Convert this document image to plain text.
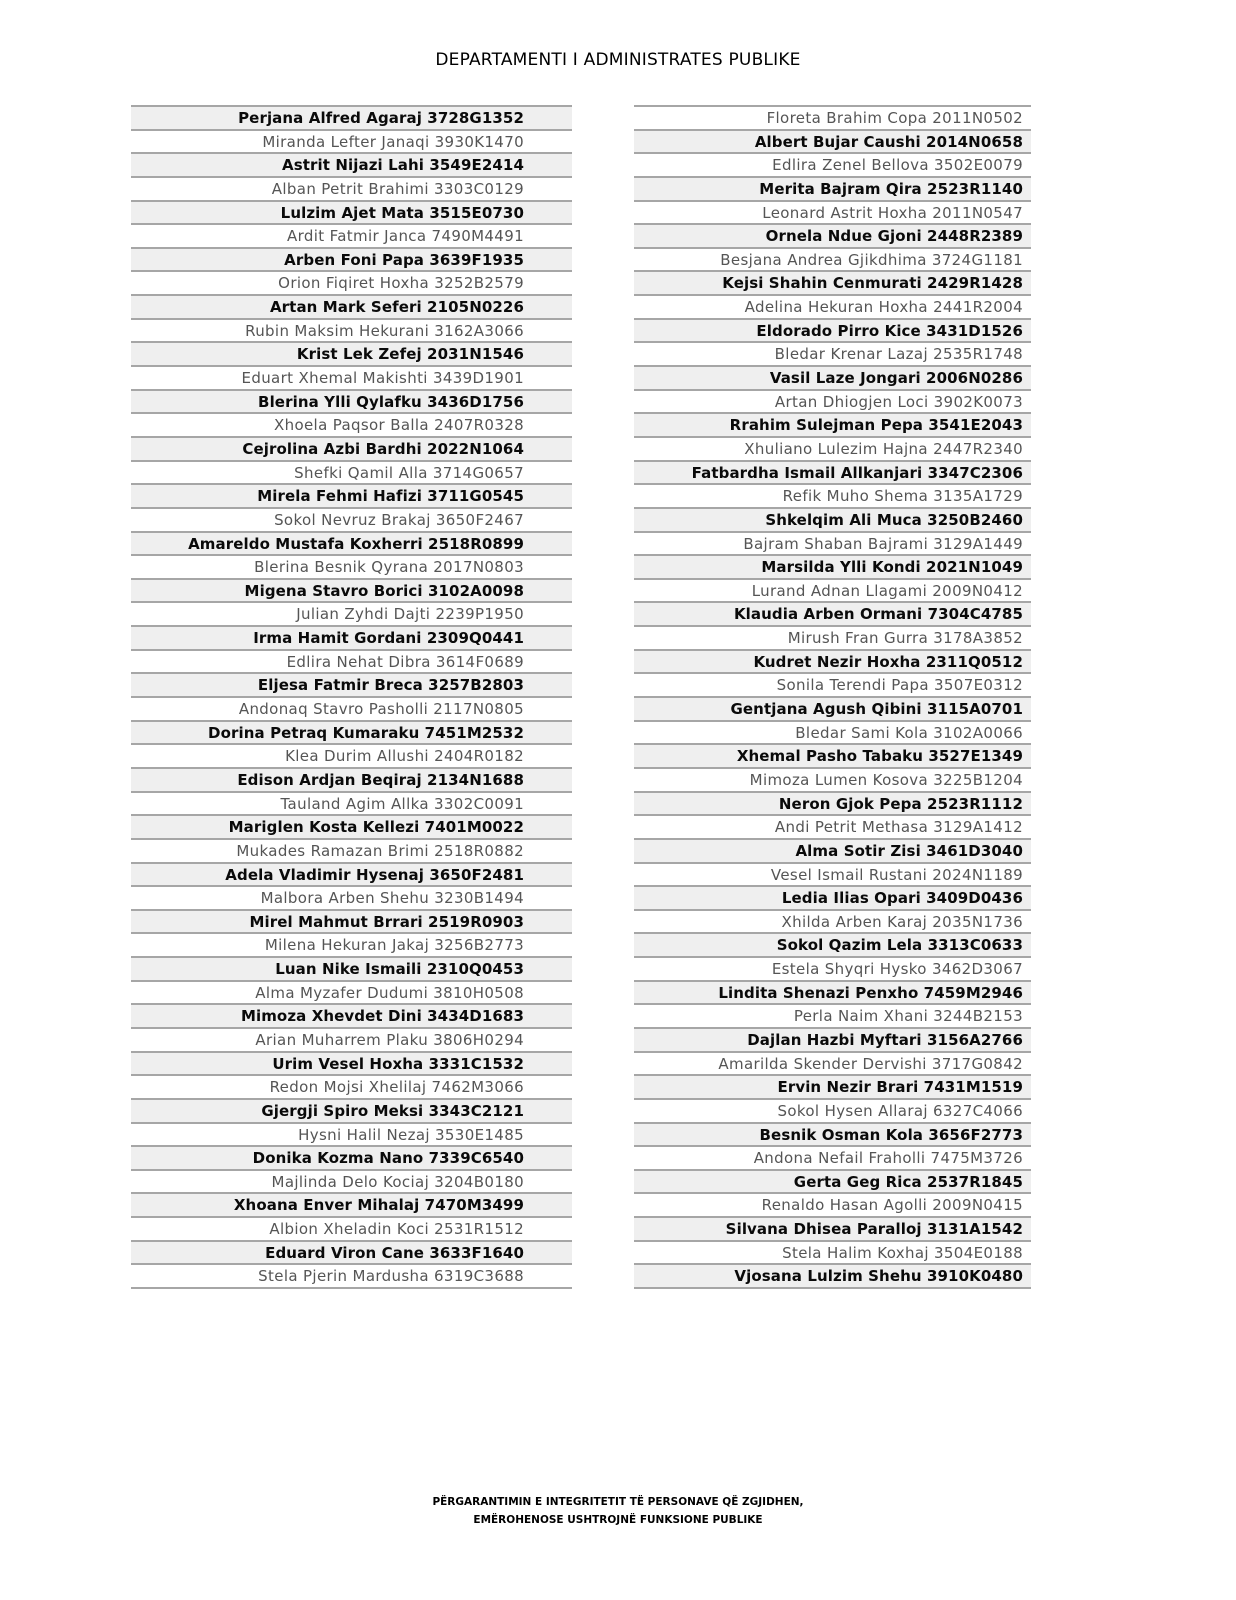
DEPARTAMENTI I ADMINISTRATES PUBLIKE
Perjana Alfred Agaraj 3728G1352
Miranda Lefter Janaqi 3930K1470
Astrit Nijazi Lahi 3549E2414
Alban Petrit Brahimi 3303C0129
Lulzim Ajet Mata 3515E0730
Ardit Fatmir Janca 7490M4491
Arben Foni Papa 3639F1935
Orion Fiqiret Hoxha 3252B2579
Artan Mark Seferi 2105N0226
Rubin Maksim Hekurani 3162A3066
Krist Lek Zefej 2031N1546
Eduart Xhemal Makishti 3439D1901
Blerina Ylli Qylafku 3436D1756
Xhoela Paqsor Balla 2407R0328
Cejrolina Azbi Bardhi 2022N1064
Shefki Qamil Alla 3714G0657
Mirela Fehmi Hafizi 3711G0545
Sokol Nevruz Brakaj 3650F2467
Amareldo Mustafa Koxherri 2518R0899
Blerina Besnik Qyrana 2017N0803
Migena Stavro Borici 3102A0098
Julian Zyhdi Dajti 2239P1950
Irma Hamit Gordani 2309Q0441
Edlira Nehat Dibra 3614F0689
Eljesa Fatmir Breca 3257B2803
Andonaq Stavro Pasholli 2117N0805
Dorina Petraq Kumaraku 7451M2532
Klea Durim Allushi 2404R0182
Edison Ardjan Beqiraj 2134N1688
Tauland Agim Allka 3302C0091
Mariglen Kosta Kellezi 7401M0022
Mukades Ramazan Brimi 2518R0882
Adela Vladimir Hysenaj 3650F2481
Malbora Arben Shehu 3230B1494
Mirel Mahmut Brrari 2519R0903
Milena Hekuran Jakaj 3256B2773
Luan Nike Ismaili 2310Q0453
Alma Myzafer Dudumi 3810H0508
Mimoza Xhevdet Dini 3434D1683
Arian Muharrem Plaku 3806H0294
Urim Vesel Hoxha 3331C1532
Redon Mojsi Xhelilaj 7462M3066
Gjergji Spiro Meksi 3343C2121
Hysni Halil Nezaj 3530E1485
Donika Kozma Nano 7339C6540
Majlinda Delo Kociaj 3204B0180
Xhoana Enver Mihalaj 7470M3499
Albion Xheladin Koci 2531R1512
Eduard Viron Cane 3633F1640
Stela Pjerin Mardusha 6319C3688
Floreta Brahim Copa 2011N0502
Albert Bujar Caushi 2014N0658
Edlira Zenel Bellova 3502E0079
Merita Bajram Qira 2523R1140
Leonard Astrit Hoxha 2011N0547
Ornela Ndue Gjoni 2448R2389
Besjana Andrea Gjikdhima 3724G1181
Kejsi Shahin Cenmurati 2429R1428
Adelina Hekuran Hoxha 2441R2004
Eldorado Pirro Kice 3431D1526
Bledar Krenar Lazaj 2535R1748
Vasil Laze Jongari 2006N0286
Artan Dhiogjen Loci 3902K0073
Rrahim Sulejman Pepa 3541E2043
Xhuliano Lulezim Hajna 2447R2340
Fatbardha Ismail Allkanjari 3347C2306
Refik Muho Shema 3135A1729
Shkelqim Ali Muca 3250B2460
Bajram Shaban Bajrami 3129A1449
Marsilda Ylli Kondi 2021N1049
Lurand Adnan Llagami 2009N0412
Klaudia Arben Ormani 7304C4785
Mirush Fran Gurra 3178A3852
Kudret Nezir Hoxha 2311Q0512
Sonila Terendi Papa 3507E0312
Gentjana Agush Qibini 3115A0701
Bledar Sami Kola 3102A0066
Xhemal Pasho Tabaku 3527E1349
Mimoza Lumen Kosova 3225B1204
Neron Gjok Pepa 2523R1112
Andi Petrit Methasa 3129A1412
Alma Sotir Zisi 3461D3040
Vesel Ismail Rustani 2024N1189
Ledia Ilias Opari 3409D0436
Xhilda Arben Karaj 2035N1736
Sokol Qazim Lela 3313C0633
Estela Shyqri Hysko 3462D3067
Lindita Shenazi Penxho 7459M2946
Perla Naim Xhani 3244B2153
Dajlan Hazbi Myftari 3156A2766
Amarilda Skender Dervishi 3717G0842
Ervin Nezir Brari 7431M1519
Sokol Hysen Allaraj 6327C4066
Besnik Osman Kola 3656F2773
Andona Nefail Fraholli 7475M3726
Gerta Geg Rica 2537R1845
Renaldo Hasan Agolli 2009N0415
Silvana Dhisea Paralloj 3131A1542
Stela Halim Koxhaj 3504E0188
Vjosana Lulzim Shehu 3910K0480
PËRGARANTIMIN E INTEGRITETIT TË PERSONAVE QË ZGJIDHEN,
EMËROHENOSE USHTROJNË FUNKSIONE PUBLIKE
